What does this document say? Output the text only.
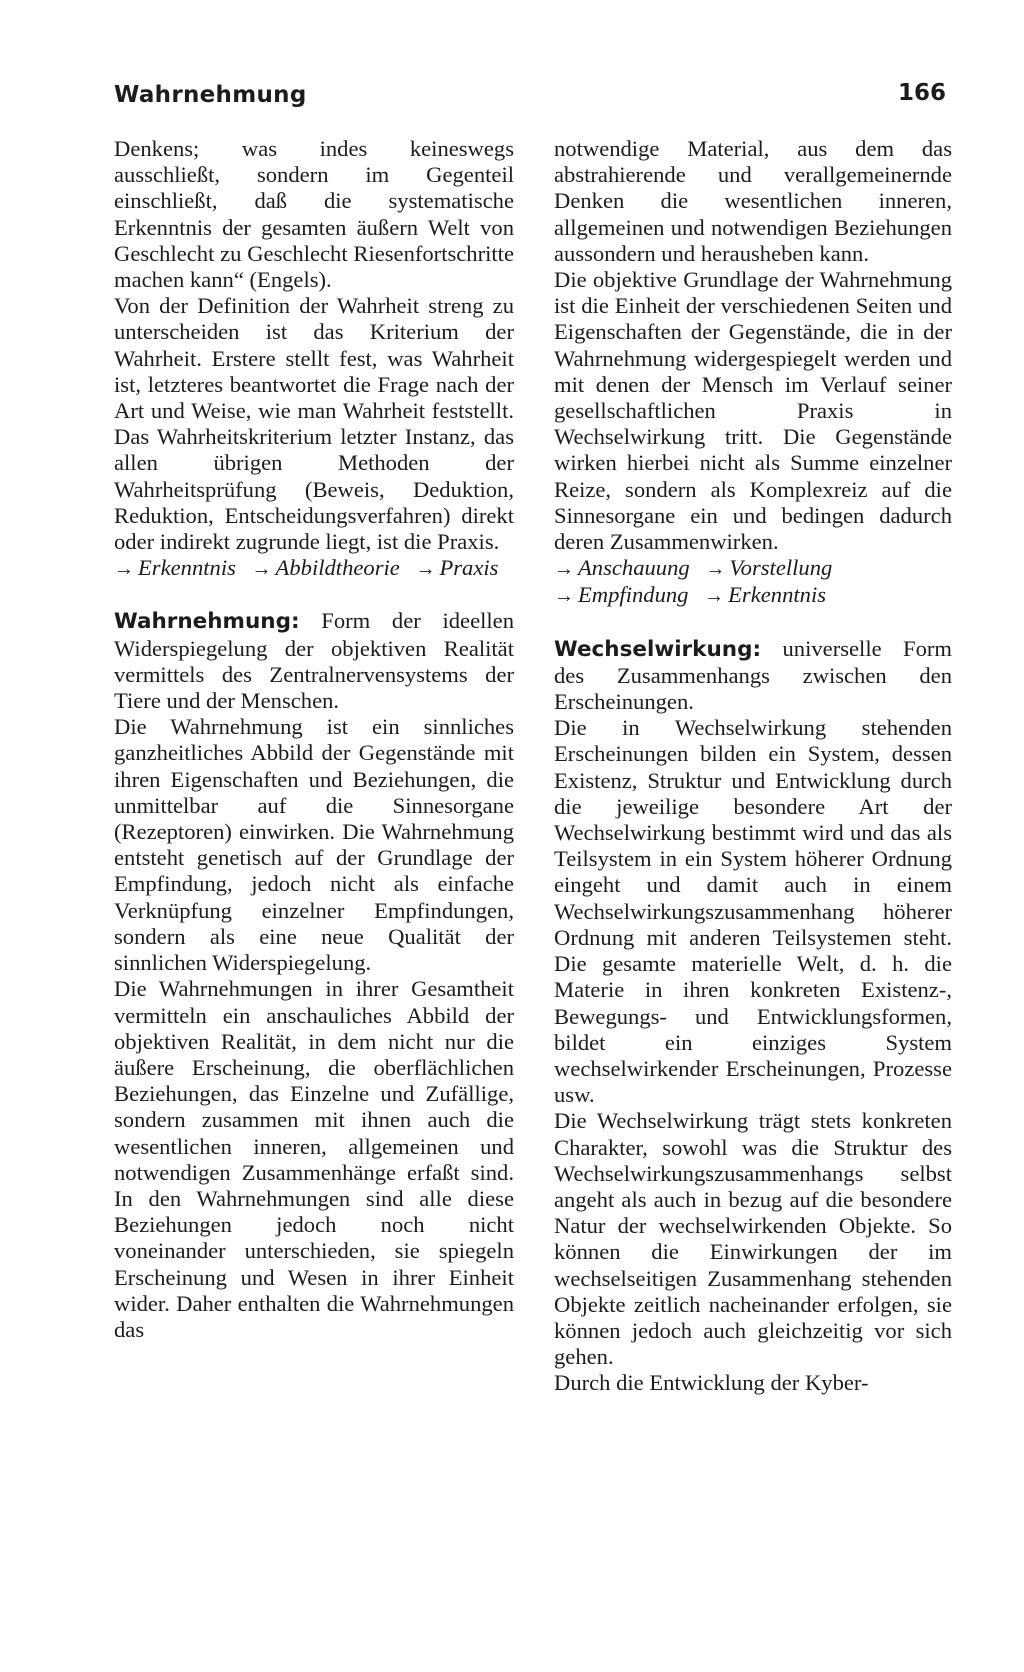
Wahrnehmung	166

Denkens; was indes keineswegs ausschließt, sondern im Gegenteil einschließt, daß die systematische Erkenntnis der gesamten äußern Welt von Geschlecht zu Geschlecht Riesenfortschritte machen kann“ (Engels).

Von der Definition der Wahrheit streng zu unterscheiden ist das Kriterium der Wahrheit. Erstere stellt fest, was Wahrheit ist, letzteres beantwortet die Frage nach der Art und Weise, wie man Wahrheit feststellt. Das Wahrheitskriterium letzter Instanz, das allen übrigen Methoden der Wahrheitsprüfung (Beweis, Deduktion, Reduktion, Entscheidungsverfahren) direkt oder indirekt zugrunde liegt, ist die Praxis.

→ Erkenntnis → Abbildtheorie → Praxis

Wahrnehmung: Form der ideellen Widerspiegelung der objektiven Realität vermittels des Zentralnervensystems der Tiere und der Menschen.

Die Wahrnehmung ist ein sinnliches ganzheitliches Abbild der Gegenstände mit ihren Eigenschaften und Beziehungen, die unmittelbar auf die Sinnesorgane (Rezeptoren) einwirken. Die Wahrnehmung entsteht genetisch auf der Grundlage der Empfindung, jedoch nicht als einfache Verknüpfung einzelner Empfindungen, sondern als eine neue Qualität der sinnlichen Widerspiegelung.

Die Wahrnehmungen in ihrer Gesamtheit vermitteln ein anschauliches Abbild der objektiven Realität, in dem nicht nur die äußere Erscheinung, die oberflächlichen Beziehungen, das Einzelne und Zufällige, sondern zusammen mit ihnen auch die wesentlichen inneren, allgemeinen und notwendigen Zusammenhänge erfaßt sind. In den Wahrnehmungen sind alle diese Beziehungen jedoch noch nicht voneinander unterschieden, sie spiegeln Erscheinung und Wesen in ihrer Einheit wider. Daher enthalten die Wahrnehmungen das

notwendige Material, aus dem das abstrahierende und verallgemeinernde Denken die wesentlichen inneren, allgemeinen und notwendigen Beziehungen aussondern und herausheben kann.

Die objektive Grundlage der Wahrnehmung ist die Einheit der verschiedenen Seiten und Eigenschaften der Gegenstände, die in der Wahrnehmung widergespiegelt werden und mit denen der Mensch im Verlauf seiner gesellschaftlichen Praxis in Wechselwirkung tritt. Die Gegenstände wirken hierbei nicht als Summe einzelner Reize, sondern als Komplexreiz auf die Sinnesorgane ein und bedingen dadurch deren Zusammenwirken.

→ Anschauung → Vorstellung → Empfindung → Erkenntnis

Wechselwirkung: universelle Form des Zusammenhangs zwischen den Erscheinungen.

Die in Wechselwirkung stehenden Erscheinungen bilden ein System, dessen Existenz, Struktur und Entwicklung durch die jeweilige besondere Art der Wechselwirkung bestimmt wird und das als Teilsystem in ein System höherer Ordnung eingeht und damit auch in einem Wechselwirkungszusammenhang höherer Ordnung mit anderen Teilsystemen steht. Die gesamte materielle Welt, d. h. die Materie in ihren konkreten Existenz-, Bewegungs- und Entwicklungsformen, bildet ein einziges System wechselwirkender Erscheinungen, Prozesse usw.

Die Wechselwirkung trägt stets konkreten Charakter, sowohl was die Struktur des Wechselwirkungszusammenhangs selbst angeht als auch in bezug auf die besondere Natur der wechselwirkenden Objekte. So können die Einwirkungen der im wechselseitigen Zusammenhang stehenden Objekte zeitlich nacheinander erfolgen, sie können jedoch auch gleichzeitig vor sich gehen.

Durch die Entwicklung der Kyber-
